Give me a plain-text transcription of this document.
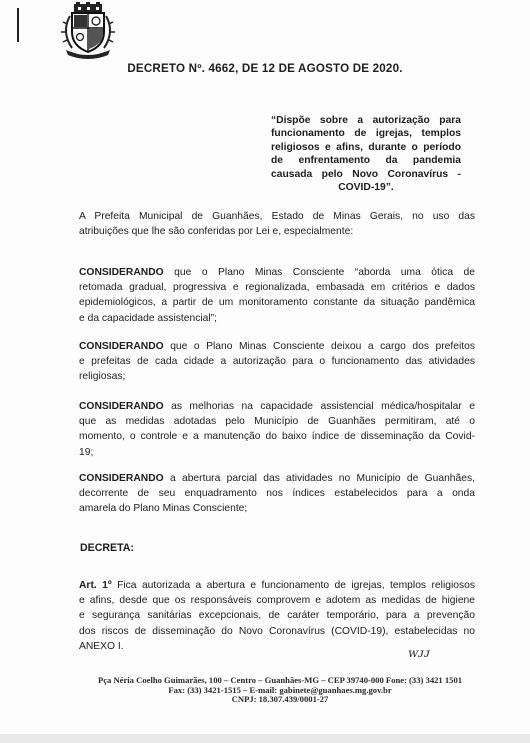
DECRETO Nº. 4662, DE 12 DE AGOSTO DE 2020.
“Dispõe sobre a autorização para
funcionamento de igrejas, templos
religiosos e afins, durante o período
de enfrentamento da pandemia
causada pelo Novo Coronavírus -
COVID-19”.
A Prefeita Municipal de Guanhães, Estado de Minas Gerais, no uso das
atribuições que lhe são conferidas por Lei e, especialmente:
CONSIDERANDO que o Plano Minas Consciente “aborda uma ótica de
retomada gradual, progressiva e regionalizada, embasada em critérios e dados
epidemiológicos, a partir de um monitoramento constante da situação pandêmica
e da capacidade assistencial”;
CONSIDERANDO que o Plano Minas Consciente deixou a cargo dos prefeitos
e prefeitas de cada cidade a autorização para o funcionamento das atividades
religiosas;
CONSIDERANDO as melhorias na capacidade assistencial médica/hospitalar e
que as medidas adotadas pelo Município de Guanhães permitiram, até o
momento, o controle e a manutenção do baixo índice de disseminação da Covid-
19;
CONSIDERANDO a abertura parcial das atividades no Município de Guanhães,
decorrente de seu enquadramento nos índices estabelecidos para a onda
amarela do Plano Minas Consciente;
DECRETA:
Art. 1º Fica autorizada a abertura e funcionamento de igrejas, templos religiosos
e afins, desde que os responsáveis comprovem e adotem as medidas de higiene
e segurança sanitárias excepcionais, de caráter temporário, para a prevenção
dos riscos de disseminação do Novo Coronavírus (COVID-19), estabelecidas no
ANEXO I.	ᴡᴊᴊ
Pça Néria Coelho Guimarães, 100 – Centro – Guanhães-MG – CEP 39740-000 Fone: (33) 3421 1501
Fax: (33) 3421-1515 – E-mail: gabinete@guanhaes.mg.gov.br
CNPJ: 18.307.439/0001-27
